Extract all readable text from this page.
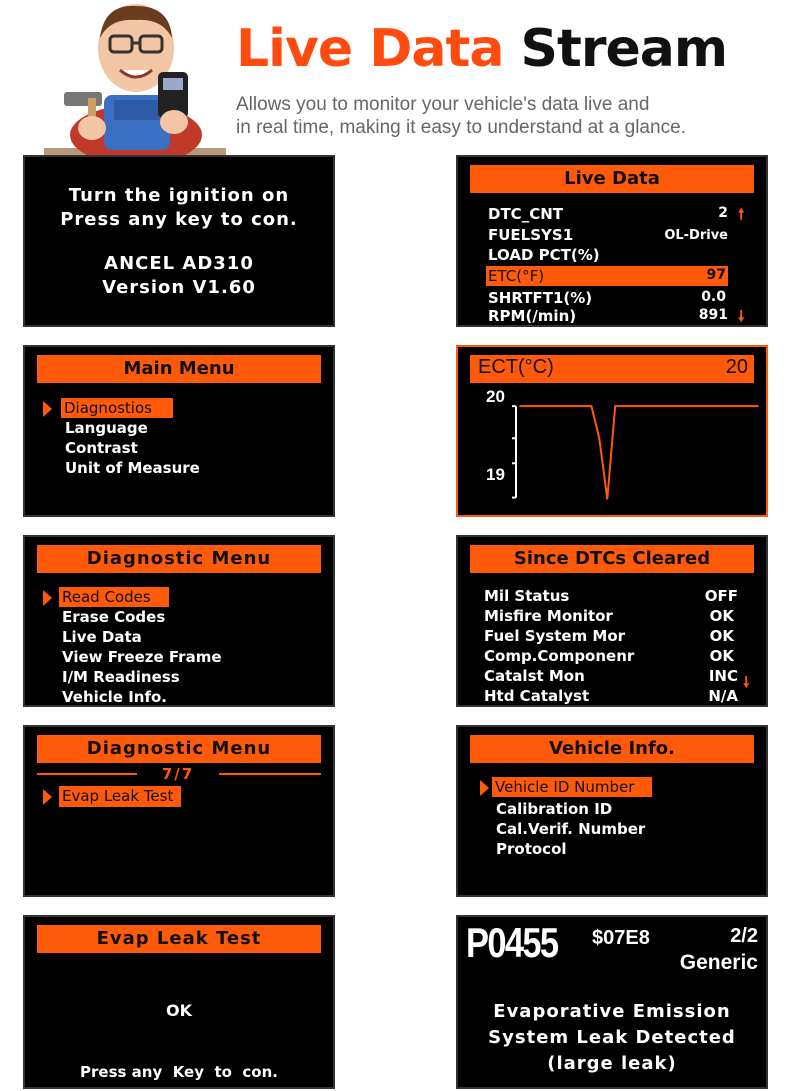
Live Data Stream
Allows you to monitor your vehicle's data live and
in real time, making it easy to understand at a glance.
Turn the ignition on
Press any key to con.
ANCEL AD310
Version V1.60
Live Data
DTC_CNT	2 🠕
FUELSYS1	OL-Drive
LOAD PCT(%)
ETC(°F)	97
SHRTFT1(%)	0.0
RPM(/min)	891 🠗
Main Menu
Diagnostios
Language
Contrast
Unit of Measure
ECT(°C)	20
20
19
Diagnostic Menu
Read Codes
Erase Codes
Live Data
View Freeze Frame
I/M Readiness
Vehicle Info.
Since DTCs Cleared
Mil Status	OFF
Misfire Monitor	OK
Fuel System Mor	OK
Comp.Componenr	OK
Catalst Mon	INC 🠗
Htd Catalyst	N/A
Diagnostic Menu
7/7
Evap Leak Test
Vehicle Info.
Vehicle ID Number
Calibration ID
Cal.Verif. Number
Protocol
Evap Leak Test
OK
Press any  Key  to  con.
P0455 $07E8	2/2
Generic
Evaporative Emission
System Leak Detected
(large leak)
